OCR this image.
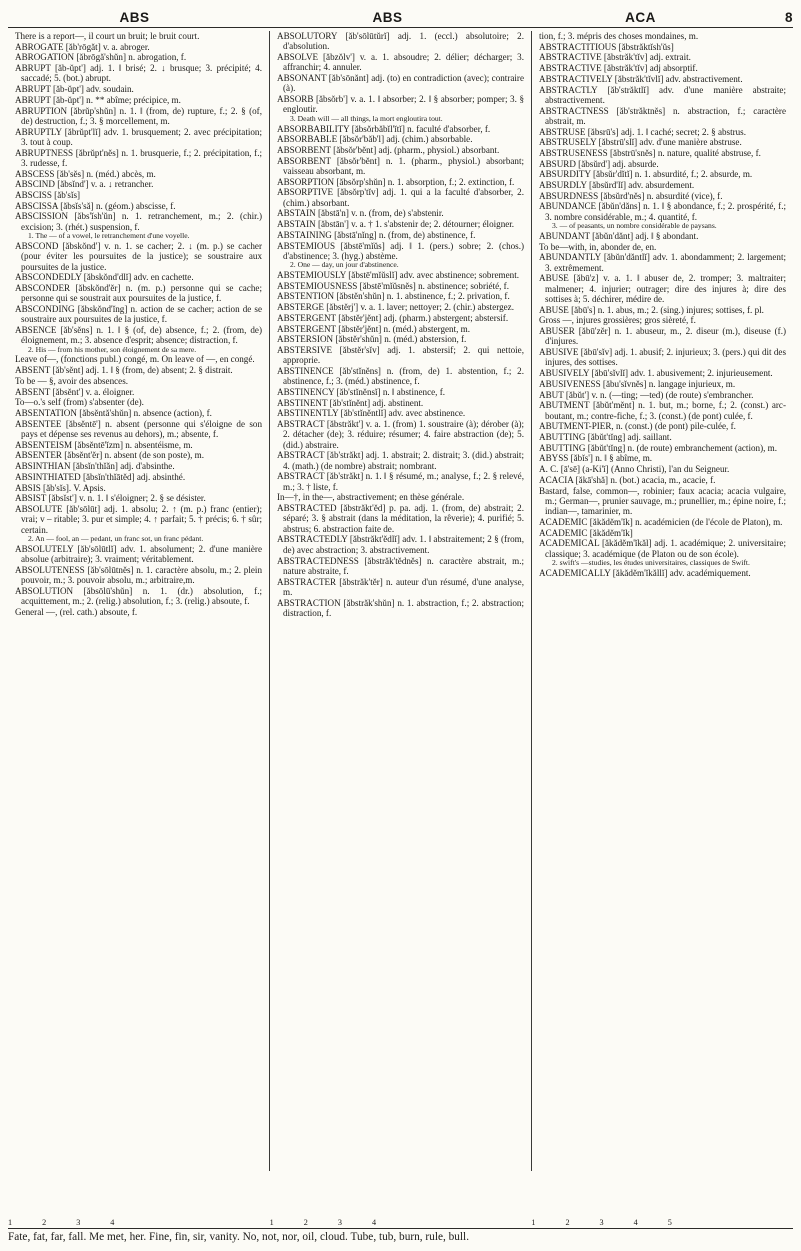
ABS	ABS	ACA	8

There is a report—, il court un bruit; le bruit court.

ABROGATE [ăb'rōgăt] v. a. abroger.

ABROGATION [ăbrōgă'shŭn] n. abrogation, f.

ABRUPT [ăb-ŭpt'] adj. 1. ‖ brisé; 2. ↓ brusque; 3. précipité; 4. saccadé; 5. (bot.) abrupt.

ABRUPT [ăb-ŭpt'] adv. soudain.

ABRUPT [ăb-ŭpt'] n. ** abîme; précipice, m.

ABRUPTION [ăbrŭp'shŭn] n. 1. ‖ (from, de) rupture, f.; 2. § (of, de) destruction, f.; 3. § morcellement, m.

ABRUPTLY [ăbrŭpt'lĭ] adv. 1. brusquement; 2. avec précipitation; 3. tout à coup.

ABRUPTNESS [ăbrŭpt'nĕs] n. 1. brusquerie, f.; 2. précipitation, f.; 3. rudesse, f.

ABSCESS [ăb'sĕs] n. (méd.) abcès, m.

ABSCIND [ăbsĭnd'] v. a. ↓ retrancher.

ABSCISS [ăb'sĭs]

ABSCISSA [ăbsĭs'să] n. (géom.) abscisse, f.

ABSCISSION [ăbs'ĭsh'ŭn] n. 1. retranchement, m.; 2. (chir.) excision; 3. (rhét.) suspension, f.
1. The — of a vowel, le retranchement d'une voyelle.

ABSCOND [ăbskŏnd'] v. n. 1. se cacher; 2. ↓ (m. p.) se cacher (pour éviter les poursuites de la justice); se soustraire aux poursuites de la justice.

ABSCONDEDLY [ăbskŏnd'dlĭ] adv. en cachette.

ABSCONDER [ăbskŏnd'ĕr] n. (m. p.) personne qui se cache; personne qui se soustrait aux poursuites de la justice, f.

ABSCONDING [ăbskŏnd'ĭng] n. action de se cacher; action de se soustraire aux poursuites de la justice, f.

ABSENCE [ăb'sĕns] n. 1. ‖ § (of, de) absence, f.; 2. (from, de) éloignement, m.; 3. absence d'esprit; absence; distraction, f.
2. His — from his mother, son éloignement de sa mere.

Leave of—, (fonctions publ.) congé, m. On leave of —, en congé.

ABSENT [ăb'sĕnt] adj. 1. ‖ § (from, de) absent; 2. § distrait.

To be — §, avoir des absences.

ABSENT [ăbsĕnt'] v. a. éloigner.

To—o.'s self (from) s'absenter (de).

ABSENTATION [ăbsĕntă'shŭn] n. absence (action), f.

ABSENTEE [ăbsĕntē'] n. absent (personne qui s'éloigne de son pays et dépense ses revenus au dehors), m.; absente, f.

ABSENTEISM [ăbsĕntē'ĭzm] n. absentéisme, m.

ABSENTER [ăbsĕnt'ĕr] n. absent (de son poste), m.

ABSINTHIAN [ăbsĭn'thĭăn] adj. d'absinthe.

ABSINTHIATED [ăbsĭn'thĭātĕd] adj. absinthé.

ABSIS [ăb'sĭs]. V. Apsis.

ABSIST [ăbsĭst'] v. n. 1. ‖ s'éloigner; 2. § se désister.

ABSOLUTE [ăb'sōlūt] adj. 1. absolu; 2. ↑ (m. p.) franc (entier); vrai; v – ritable; 3. pur et simple; 4. ↑ parfait; 5. † précis; 6. † sûr; certain.
2. An — fool, an — pedant, un franc sot, un franc pédant.

ABSOLUTELY [ăb'sōlūtlĭ] adv. 1. absolument; 2. d'une manière absolue (arbitraire); 3. vraiment; véritablement.

ABSOLUTENESS [ăb'sōlūtnĕs] n. 1. caractère absolu, m.; 2. plein pouvoir, m.; 3. pouvoir absolu, m.; arbitraire,m.

ABSOLUTION [ăbsōlū'shŭn] n. 1. (dr.) absolution, f.; acquittement, m.; 2. (relig.) absolution, f.; 3. (relig.) absoute, f.

General —, (rel. cath.) absoute, f.

ABSOLUTORY [ăb'sōlūtŭrĭ] adj. 1. (eccl.) absolutoire; 2. d'absolution.

ABSOLVE [ăbzŏlv'] v. a. 1. absoudre; 2. délier; décharger; 3. affranchir; 4. annuler.

ABSONANT [ăb'sōnănt] adj. (to) en contradiction (avec); contraire (à).

ABSORB [ăbsŏrb'] v. a. 1. ‖ absorber; 2. ‖ § absorber; pomper; 3. § engloutir.
3. Death will — all things, la mort engloutira tout.

ABSORBABILITY [ăbsŏrbăbĭl'ĭtĭ] n. faculté d'absorber, f.

ABSORBABLE [ăbsŏr'băb'l] adj. (chim.) absorbable.

ABSORBENT [ăbsŏr'bĕnt] adj. (pharm., physiol.) absorbant.

ABSORBENT [ăbsŏr'bĕnt] n. 1. (pharm., physiol.) absorbant; vaisseau absorbant, m.

ABSORPTION [ăbsŏrp'shŭn] n. 1. absorption, f.; 2. extinction, f.

ABSORPTIVE [ăbsŏrp'tĭv] adj. 1. qui a la faculté d'absorber, 2. (chim.) absorbant.

ABSTAIN [ăbstā'n] v. n. (from, de) s'abstenir.

ABSTAIN [ăbstān'] v. a. † 1. s'abstenir de; 2. détourner; éloigner.

ABSTAINING [ăbstā'nĭng] n. (from, de) abstinence, f.

ABSTEMIOUS [ăbstē'mĭŭs] adj. ‖ 1. (pers.) sobre; 2. (chos.) d'abstinence; 3. (hyg.) abstème.
2. One — day, un jour d'abstinence.

ABSTEMIOUSLY [ăbstē'mĭŭslĭ] adv. avec abstinence; sobrement.

ABSTEMIOUSNESS [ăbstē'mĭŭsnĕs] n. abstinence; sobriété, f.

ABSTENTION [ăbstĕn'shŭn] n. 1. abstinence, f.; 2. privation, f.

ABSTERGE [ăbstĕrj'] v. a. 1. laver; nettoyer; 2. (chir.) abstergez.

ABSTERGENT [ăbstĕr'jĕnt] adj. (pharm.) abstergent; abstersif.

ABSTERGENT [ăbstĕr'jĕnt] n. (méd.) abstergent, m.

ABSTERSION [ăbstĕr'shŭn] n. (méd.) abstersion, f.

ABSTERSIVE [ăbstĕr'sĭv] adj. 1. abstersif; 2. qui nettoie, approprie.

ABSTINENCE [ăb'stĭnĕns] n. (from, de) 1. abstention, f.; 2. abstinence, f.; 3. (méd.) abstinence, f.

ABSTINENCY [ăb'stĭnĕnsĭ] n. ‖ abstinence, f.

ABSTINENT [ăb'stĭnĕnt] adj. abstinent.

ABSTINENTLY [ăb'stĭnĕntlĭ] adv. avec abstinence.

ABSTRACT [ăbstrăkt'] v. a. 1. (from) 1. soustraire (à); dérober (à); 2. détacher (de); 3. réduire; résumer; 4. faire abstraction (de); 5. (did.) abstraire.

ABSTRACT [ăb'străkt] adj. 1. abstrait; 2. distrait; 3. (did.) abstrait; 4. (math.) (de nombre) abstrait; nombrant.

ABSTRACT [ăb'străkt] n. 1. ‖ § résumé, m.; analyse, f.; 2. § relevé, m.; 3. † liste, f.

In—†, in the—, abstractivement; en thèse générale.

ABSTRACTED [ăbstrăkt'ĕd] p. pa. adj. 1. (from, de) abstrait; 2. séparé; 3. § abstrait (dans la méditation, la rêverie); 4. purifié; 5. abstrus; 6. abstraction faite de.

ABSTRACTEDLY [ăbstrăkt'ĕdlĭ] adv. 1. ‖ abstraitement; 2 § (from, de) avec abstraction; 3. abstractivement.

ABSTRACTEDNESS [ăbstrăk'tĕdnĕs] n. caractère abstrait, m.; nature abstraite, f.

ABSTRACTER [ăbstrăk'tĕr] n. auteur d'un résumé, d'une analyse, m.

ABSTRACTION [ăbstrăk'shŭn] n. 1. abstraction, f.; 2. abstraction; distraction, f.

tion, f.; 3. mépris des choses mondaines, m.

ABSTRACTITIOUS [ăbstrăktĭsh'ŭs]

ABSTRACTIVE [ăbstrăk'tĭv] adj. extrait.

ABSTRACTIVE [ăbstrăk'tĭv] adj absorptif.

ABSTRACTIVELY [ăbstrăk'tĭvlĭ] adv. abstractivement.

ABSTRACTLY [ăb'străktlĭ] adv. d'une manière abstraite; abstractivement.

ABSTRACTNESS [ăb'străktnĕs] n. abstraction, f.; caractère abstrait, m.

ABSTRUSE [ăbsrū's] adj. 1. ‖ caché; secret; 2. § abstrus.

ABSTRUSELY [ăbstrū'slĭ] adv. d'une manière abstruse.

ABSTRUSENESS [ăbstrū'snĕs] n. nature, qualité abstruse, f.

ABSURD [ăbsŭrd'] adj. absurde.

ABSURDITY [ăbsŭr'dĭtĭ] n. 1. absurdité, f.; 2. absurde, m.

ABSURDLY [ăbsŭrd'lĭ] adv. absurdement.

ABSURDNESS [ăbsŭrd'nĕs] n. absurdité (vice), f.

ABUNDANCE [ăbŭn'dăns] n. 1. ‖ § abondance, f.; 2. prospérité, f.; 3. nombre considérable, m.; 4. quantité, f.
3. — of peasants, un nombre considérable de paysans.

ABUNDANT [ăbŭn'dănt] adj. ‖ § abondant.

To be—with, in, abonder de, en.

ABUNDANTLY [ăbŭn'dăntlĭ] adv. 1. abondamment; 2. largement; 3. extrêmement.

ABUSE [ăbū'z] v. a. 1. ‖ abuser de, 2. tromper; 3. maltraiter; malmener; 4. injurier; outrager; dire des injures à; dire des sottises à; 5. déchirer, médire de.

ABUSE [ăbū's] n. 1. abus, m.; 2. (sing.) injures; sottises, f. pl.

Gross —, injures grossières; gros sièreté, f.

ABUSER [ăbū'zĕr] n. 1. abuseur, m., 2. diseur (m.), diseuse (f.) d'injures.

ABUSIVE [ăbū'sĭv] adj. 1. abusif; 2. injurieux; 3. (pers.) qui dit des injures, des sottises.

ABUSIVELY [ăbū'sĭvlĭ] adv. 1. abusivement; 2. injurieusement.

ABUSIVENESS [ăbu'sĭvnĕs] n. langage injurieux, m.

ABUT [ăbŭt'] v. n. (—ting; —ted) (de route) s'embrancher.

ABUTMENT [ăbŭt'mĕnt] n. 1. but, m.; borne, f.; 2. (const.) arc-boutant, m.; contre-fiche, f.; 3. (const.) (de pont) culée, f.

ABUTMENT-PIER, n. (const.) (de pont) pile-culée, f.

ABUTTING [ăbŭt'tĭng] adj. saillant.

ABUTTING [ăbŭt'tĭng] n. (de route) embranchement (action), m.

ABYSS [ăbĭs'] n. ‖ § abîme, m.

A. C. [ā'sē] (a-Ki'ĭ] (Anno Christi), l'an du Seigneur.

ACACIA [ăkā'shă] n. (bot.) acacia, m., acacie, f.

Bastard, false, common—, robinier; faux acacia; acacia vulgaire, m.; German—, prunier sauvage, m.; prunellier, m.; épine noire, f.; indian—, tamarinier, m.

ACADEMIC [ăkădĕm'ĭk] n. académicien (de l'école de Platon), m.

ACADEMIC [ăkădĕm'ĭk]

ACADEMICAL [ăkădĕm'ĭkăl] adj. 1. académique; 2. universitaire; classique; 3. académique (de Platon ou de son école).
2. swift's —studies, les études universitaires, classiques de Swift.

ACADEMICALLY [ăkădĕm'ĭkăllĭ] adv. académiquement.

1	2	3	4	1	2	3	4	1	2	3	4	5
Fate, fat, far, fall. Me met, her. Fine, fin, sir, vanity. No, not, nor, oil, cloud. Tube, tub, burn, rule, bull.
